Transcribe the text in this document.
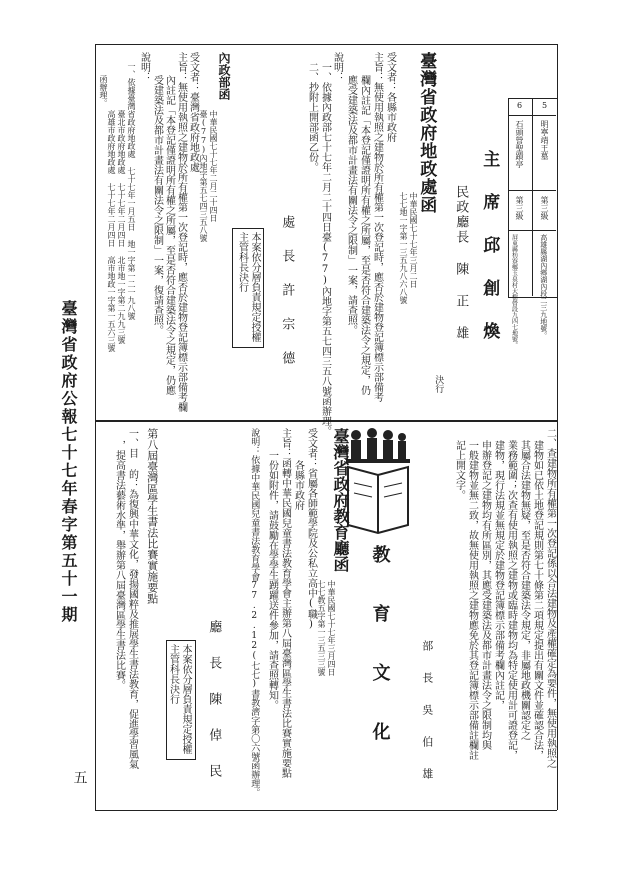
臺灣省政府公報七十七年春字第五十一期
五
5
明寧靖王墓
第三級
高雄縣湖內鄉湖內段二三九地號。
6
石頭營聖蹟亭
第三級
屏東縣枋寮鄉玉泉村大樹營段九四七地號。
主 席 邱 創 煥
民政廳長 陳 正 雄
決行
臺灣省政府地政處函
中華民國七十七年三月二日
七七地一字第一三五九八六八號
受文者：各縣市政府
主旨：無使用執照之建物於所有權第一次登記時，應否於建物登記簿標示部備考
欄內註記「本登記僅證明所有權之所屬，至是否符合建築法令之規定，仍
應受建築法及都市計畫法有關法令之限制」一案，請查照。
說明：
一、依據內政部七十七年二月二十四日臺(77)內地字第五七四三五八號函辦理。
二、抄附上開部函乙份。
處 長 許 宗 德
本案依分層負責規定授權主管科長決行
內政部函
中華民國七十七年二月二十四日
臺(77)內地字第五七四三五八號
受文者：臺灣省政府地政處
主旨：無使用執照之建物於所有權第一次登記時，應否於建物登記簿標示部備考欄
內註記「本登記僅證明所有權之所屬，至是否符合建築法令之規定，仍應
受建築法及都市計畫法有關法令之限制」一案，復請查照。
說明：
一、依據臺灣省政府地政處 七十七年一月五日 地一字第一二一九八號
臺北市政府地政處 七十七年二月四日 北市地一字第二九九三號
高雄市政府地政處 七十七年二月四日 高市地政一字第一五六三號
函辦理。
二、查建物所有權第一次登記係以合法建物及產權確定為要件，無使用執照之
建物如已依土地登記規則第七十條第二項規定提出有關文件並確認合法，
其屬合法建物無疑，至是否符合建築法令規定，非屬地政機關認定之
業務範圍；次查有使用執照之建物或臨時建物均為特定使用計可證登記，
建物，現行法規並無規定於建物登記簿標示部備考欄內註記，
申辦登記之建物均有所區別，其應受建築法及都市計畫法令之限制均與
一般建物並無二致，故無使用執照之建物應免於其登記簿標示部備註欄註
記上開文字。
部 長 吳 伯 雄
教 育 文 化
臺灣省政府教育廳函
中華民國七十七年三月四日
七七教五字第一三五三三號
受文者：省屬各師範學院及公私立高中(職)
各縣市政府
主旨：函轉中華民國兒童書法教育學會主辦第八屆臺灣區學生書法比賽實施要點
一份如附件，請鼓勵在學學生踴躍送件參加，請查照轉知。
說明：依據中華民國兒童書法教育學會77.2.12(七七)書教濟字第〇六號函辦理。
廳 長 陳 倬 民
本案依分層負責規定授權主管科長決行
第八屆臺灣區學生書法比賽實施要點
一、目 的：為復興中華文化，發揚國粹及推展學生書法教育，促進學習風氣
，提高書法藝術水準，舉辦第八屆臺灣區學生書法比賽。
